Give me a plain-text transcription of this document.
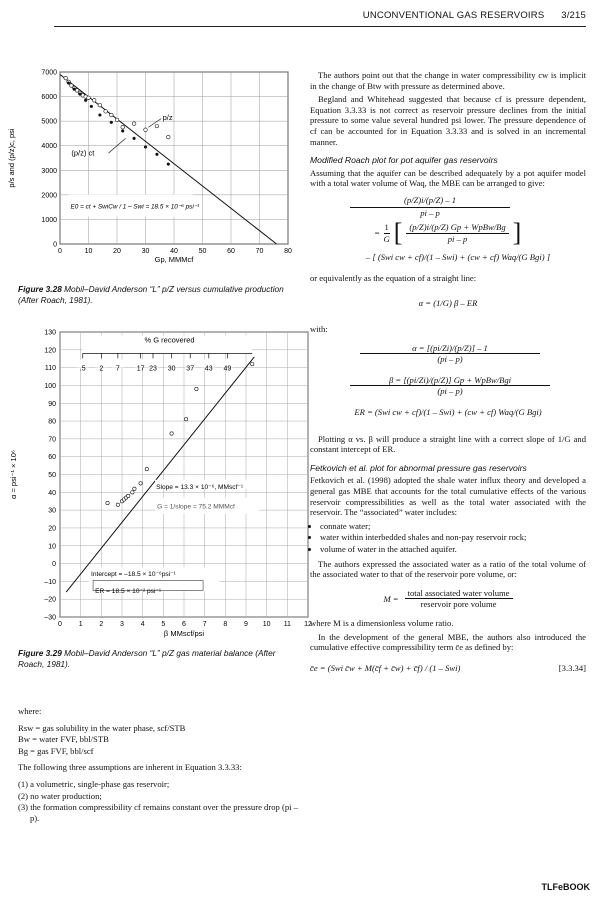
UNCONVENTIONAL GAS RESERVOIRS 3/215
0	10	20	30	40	50	60	70	80
0
1000
2000
3000
4000
5000
6000
7000
Gp, MMMcf
p/s and (p/z)c, psi
p/z
(p/z) ct
E0 = ct + SwiCw / 1 – Swi = 18.5 × 10⁻⁶ psi⁻¹
Figure 3.28 Mobil–David Anderson “L” p/Z versus cumulative production (After Roach, 1981).
0 1 2 3 4 5 6 7 8 9 10 11 12
–30
–20
–10
0
10
20
30
40
50
60
70
80
90
100
110
120
130
β MMscf/psi
α = psi⁻¹ × 10⁶
% G recovered
.5 2 7 17 23 30 37 43 49
Slope = 13.3 × 10⁻⁶, MMscf⁻¹
G = 1/slope = 75.2 MMMcf
Intercept = –18.5 × 10⁻⁶psi⁻¹
ER = 18.5 × 10⁻² psi⁻¹
Figure 3.29 Mobil–David Anderson “L” p/Z gas material balance (After Roach, 1981).

where:

Rsw = gas solubility in the water phase, scf/STB
Bw = water FVF, bbl/STB
Bg = gas FVF, bbl/scf

The following three assumptions are inherent in Equation 3.3.33:

(1) a volumetric, single-phase gas reservoir;
(2) no water production;
(3) the formation compressibility cf remains constant over the pressure drop (pi – p).

The authors point out that the change in water compressibility cw is implicit in the change of Btw with pressure as determined above.

Begland and Whitehead suggested that because cf is pressure dependent, Equation 3.3.33 is not correct as reservoir pressure declines from the initial pressure to some value several hundred psi lower. The pressure dependence of cf can be accounted for in Equation 3.3.33 and is solved in an incremental manner.

Modified Roach plot for pot aquifer gas reservoirs

Assuming that the aquifer can be described adequately by a pot aquifer model with a total water volume of Waq, the MBE can be arranged to give:

(p/Z)i/(p/Z) – 1
pi – p
= $\frac{1}{G}$ [ (p/Z)i/(p/Z) Gp + WpBw/Bg
pi – p	]
– [ (Swi cw + cf)/(1 – Swi) + (cw + cf) Waq/(G Bgi) ]

or equivalently as the equation of a straight line:

α = (1/G) β – ER

with:

α = [(pi/Zi)/(p/Z)] – 1
(pi – p)
β = [(pi/Zi)/(p/Z)] Gp + WpBw/Bgi
(pi – p)
ER = (Swi cw + cf)/(1 – Swi) + (cw + cf) Waq/(G Bgi)

Plotting α vs. β will produce a straight line with a correct slope of 1/G and constant intercept of ER.

Fetkovich et al. plot for abnormal pressure gas reservoirs

Fetkovich et al. (1998) adopted the shale water influx theory and developed a general gas MBE that accounts for the total cumulative effects of the various reservoir compressibilities as well as the total water associated with the reservoir. The “associated” water includes:

• connate water;
• water within interbedded shales and non-pay reservoir rock;
• volume of water in the attached aquifer.

The authors expressed the associated water as a ratio of the total volume of the associated water to that of the reservoir pore volume, or:

M =
total associated water volume
reservoir pore volume

where M is a dimensionless volume ratio.

In the development of the general MBE, the authors also introduced the cumulative effective compressibility term c̄e as defined by:

c̄e = (Swi c̄w + M(c̄f + c̄w) + c̄f) / (1 – Swi)	[3.3.34]
TLFeBOOK
